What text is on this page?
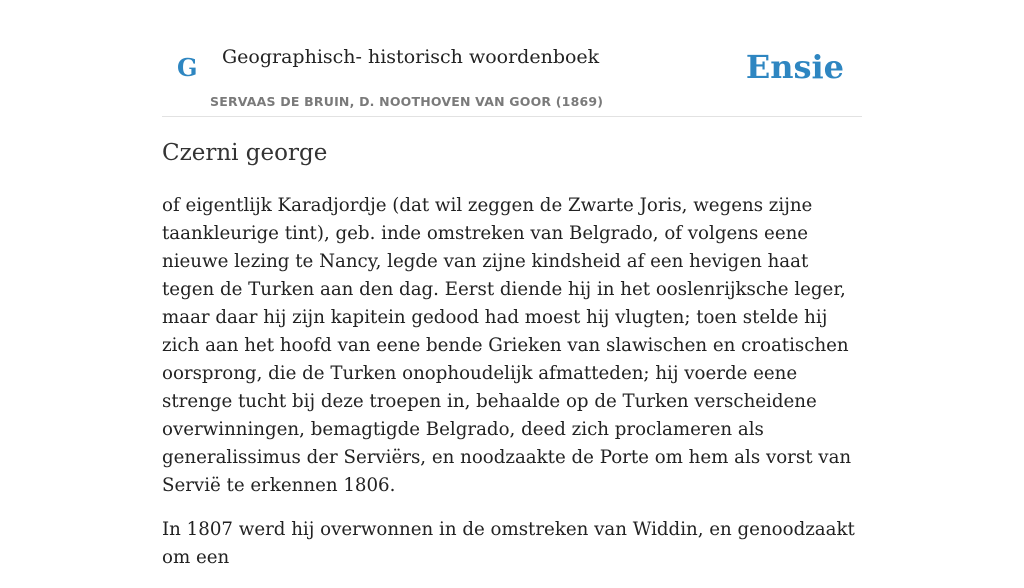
G Geographisch- historisch woordenboek
SERVAAS DE BRUIN, D. NOOTHOVEN VAN GOOR (1869)
Ensie
Czerni george

of eigentlijk Karadjordje (dat wil zeggen de Zwarte Joris, wegens zijne taankleurige tint), geb. inde omstreken van Belgrado, of volgens eene nieuwe lezing te Nancy, legde van zijne kindsheid af een hevigen haat tegen de Turken aan den dag. Eerst diende hij in het ooslenrijksche leger, maar daar hij zijn kapitein gedood had moest hij vlugten; toen stelde hij zich aan het hoofd van eene bende Grieken van slawischen en croatischen oorsprong, die de Turken onophoudelijk afmatteden; hij voerde eene strenge tucht bij deze troepen in, behaalde op de Turken verscheidene overwinningen, bemagtigde Belgrado, deed zich proclameren als generalissimus der Serviërs, en noodzaakte de Porte om hem als vorst van Servië te erkennen 1806.

In 1807 werd hij overwonnen in de omstreken van Widdin, en genoodzaakt om een
